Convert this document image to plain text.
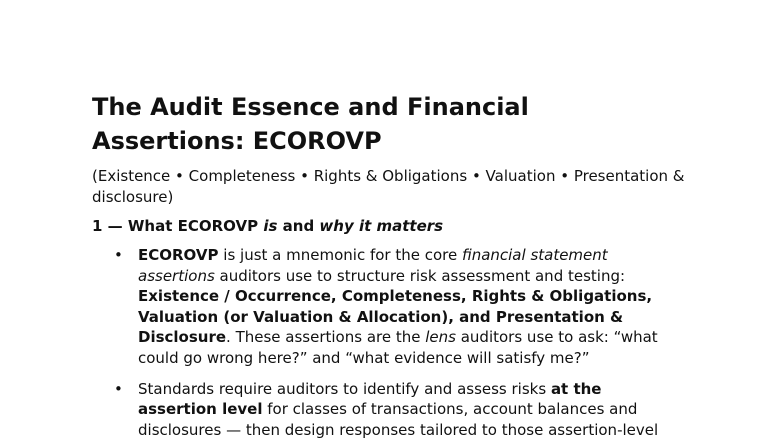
The Audit Essence and Financial
Assertions: ECOROVP
(Existence • Completeness • Rights & Obligations • Valuation • Presentation & disclosure)
1 — What ECOROVP is and why it matters
• ECOROVP is just a mnemonic for the core financial statement assertions auditors use to structure risk assessment and testing: Existence / Occurrence, Completeness, Rights & Obligations, Valuation (or Valuation & Allocation), and Presentation & Disclosure. These assertions are the lens auditors use to ask: “what could go wrong here?” and “what evidence will satisfy me?”
• Standards require auditors to identify and assess risks at the assertion level for classes of transactions, account balances and disclosures — then design responses tailored to those assertion-level
